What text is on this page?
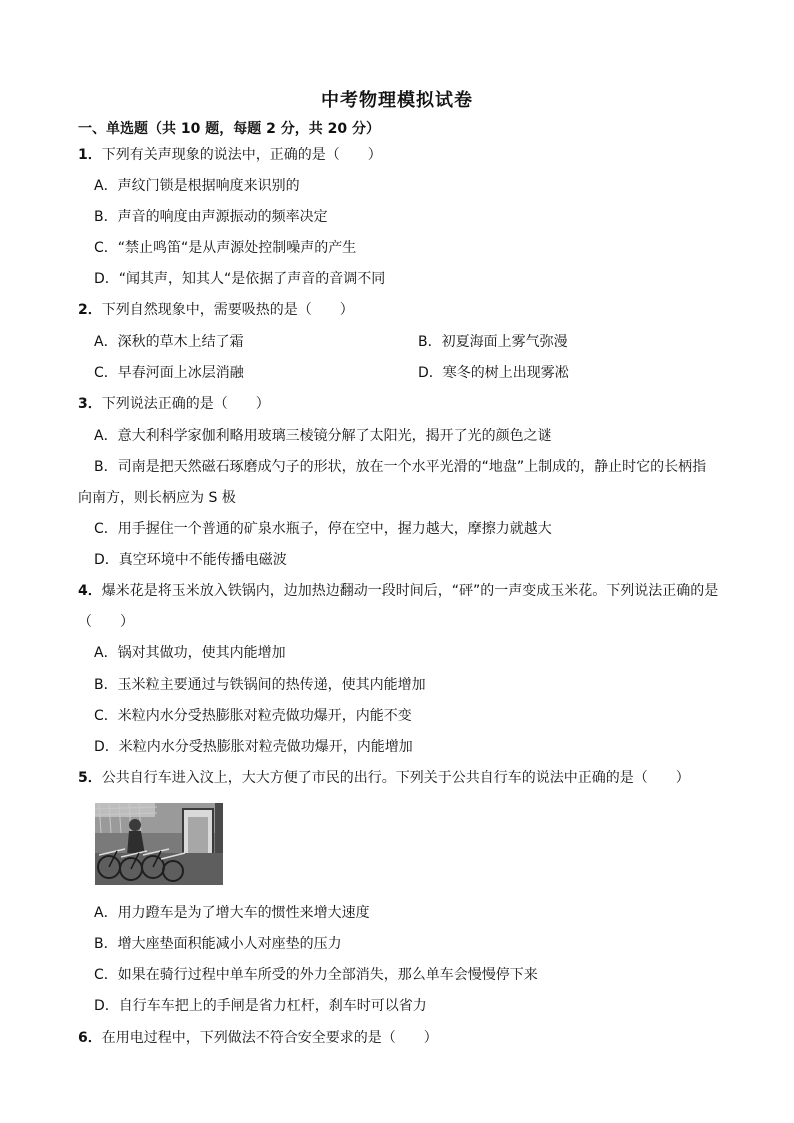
中考物理模拟试卷
一、单选题（共 10 题，每题 2 分，共 20 分）
1．下列有关声现象的说法中，正确的是（　　）
A．声纹门锁是根据响度来识别的
B．声音的响度由声源振动的频率决定
C．“禁止鸣笛“是从声源处控制噪声的产生
D．“闻其声，知其人“是依据了声音的音调不同
2．下列自然现象中，需要吸热的是（　　）
A．深秋的草木上结了霜	B．初夏海面上雾气弥漫
C．早春河面上冰层消融	D．寒冬的树上出现雾凇
3．下列说法正确的是（　　）
A．意大利科学家伽利略用玻璃三棱镜分解了太阳光，揭开了光的颜色之谜
B．司南是把天然磁石琢磨成勺子的形状，放在一个水平光滑的“地盘”上制成的，静止时它的长柄指
向南方，则长柄应为 S 极
C．用手握住一个普通的矿泉水瓶子，停在空中，握力越大，摩擦力就越大
D．真空环境中不能传播电磁波
4．爆米花是将玉米放入铁锅内，边加热边翻动一段时间后，“砰”的一声变成玉米花。下列说法正确的是
（　　）
A．锅对其做功，使其内能增加
B．玉米粒主要通过与铁锅间的热传递，使其内能增加
C．米粒内水分受热膨胀对粒壳做功爆开，内能不变
D．米粒内水分受热膨胀对粒壳做功爆开，内能增加
5．公共自行车进入汶上，大大方便了市民的出行。下列关于公共自行车的说法中正确的是（　　）
A．用力蹬车是为了增大车的惯性来增大速度
B．增大座垫面积能减小人对座垫的压力
C．如果在骑行过程中单车所受的外力全部消失，那么单车会慢慢停下来
D．自行车车把上的手闸是省力杠杆，刹车时可以省力
6．在用电过程中，下列做法不符合安全要求的是（　　）
